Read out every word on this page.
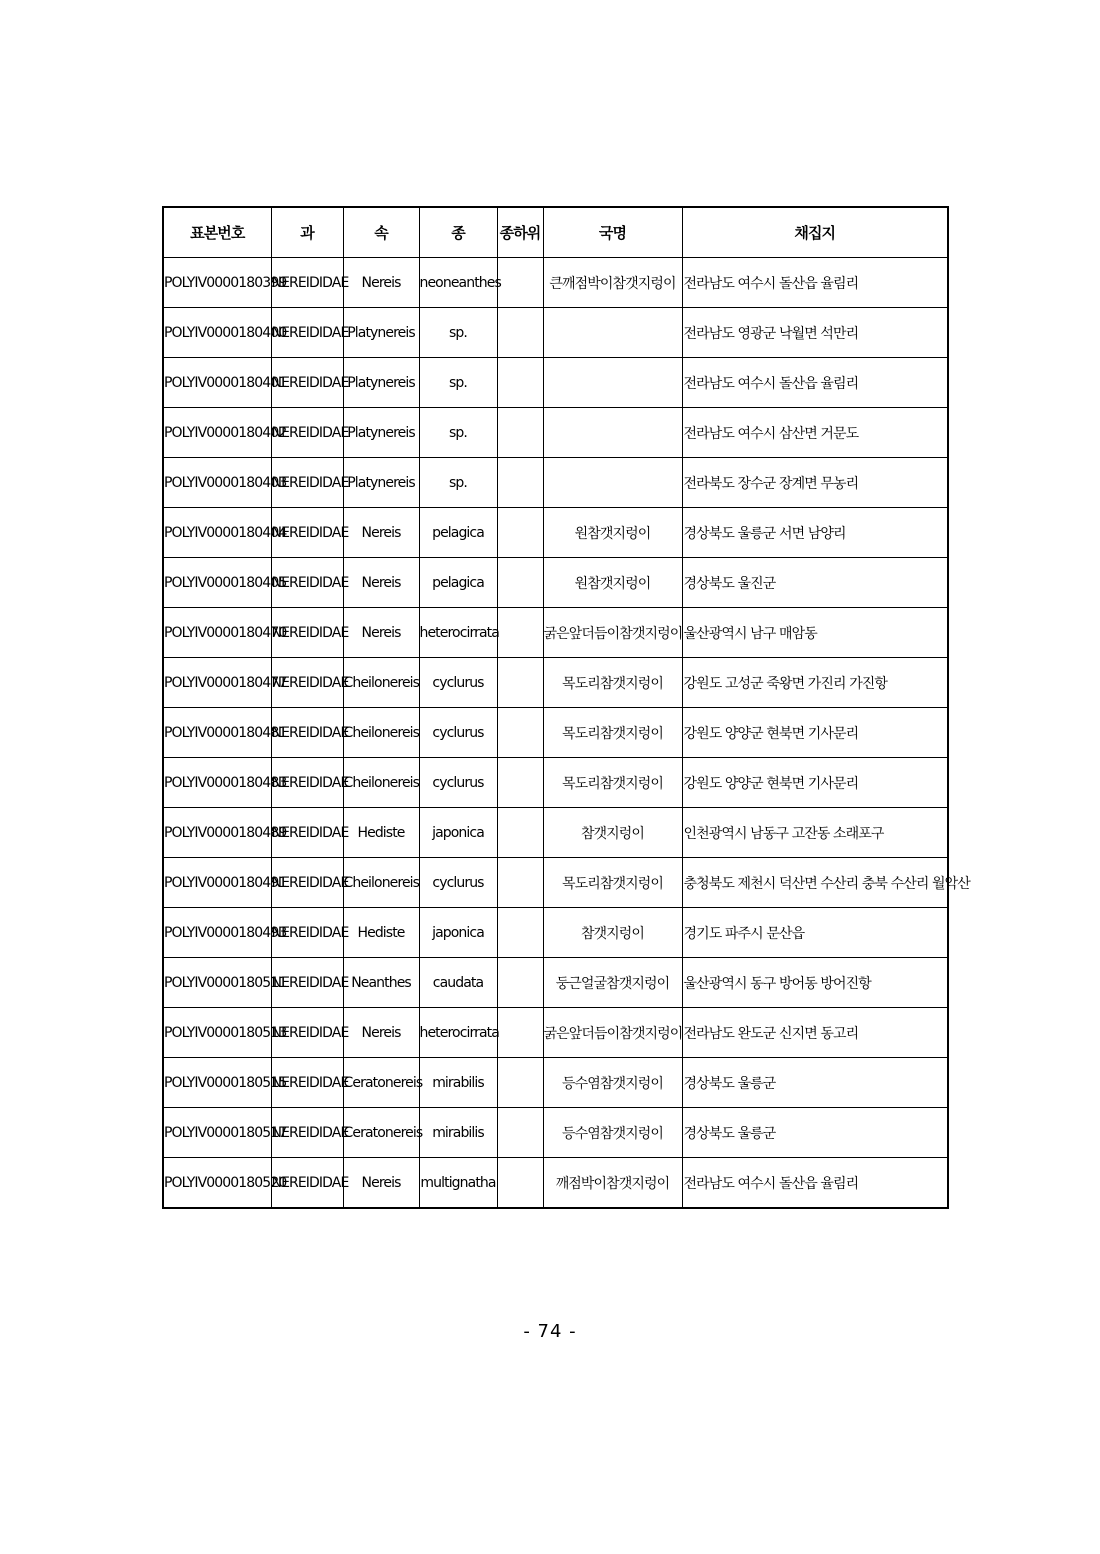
표본번호	과	속	종	종하위	국명	채집지
POLYIV0000180399	NEREIDIDAE	Nereis	neoneanthes		큰깨점박이참갯지렁이	전라남도 여수시 돌산읍 율림리
POLYIV0000180400	NEREIDIDAE	Platynereis	sp.			전라남도 영광군 낙월면 석만리
POLYIV0000180401	NEREIDIDAE	Platynereis	sp.			전라남도 여수시 돌산읍 율림리
POLYIV0000180402	NEREIDIDAE	Platynereis	sp.			전라남도 여수시 삼산면 거문도
POLYIV0000180403	NEREIDIDAE	Platynereis	sp.			전라북도 장수군 장계면 무농리
POLYIV0000180404	NEREIDIDAE	Nereis	pelagica		원참갯지렁이	경상북도 울릉군 서면 남양리
POLYIV0000180405	NEREIDIDAE	Nereis	pelagica		원참갯지렁이	경상북도 울진군
POLYIV0000180470	NEREIDIDAE	Nereis	heterocirrata		굵은앞더듬이참갯지렁이	울산광역시 남구 매암동
POLYIV0000180477	NEREIDIDAE	Cheilonereis	cyclurus		목도리참갯지렁이	강원도 고성군 죽왕면 가진리 가진항
POLYIV0000180481	NEREIDIDAE	Cheilonereis	cyclurus		목도리참갯지렁이	강원도 양양군 현북면 기사문리
POLYIV0000180483	NEREIDIDAE	Cheilonereis	cyclurus		목도리참갯지렁이	강원도 양양군 현북면 기사문리
POLYIV0000180489	NEREIDIDAE	Hediste	japonica		참갯지렁이	인천광역시 남동구 고잔동 소래포구
POLYIV0000180491	NEREIDIDAE	Cheilonereis	cyclurus		목도리참갯지렁이	충청북도 제천시 덕산면 수산리 충북 수산리 월악산
POLYIV0000180493	NEREIDIDAE	Hediste	japonica		참갯지렁이	경기도 파주시 문산읍
POLYIV0000180511	NEREIDIDAE	Neanthes	caudata		둥근얼굴참갯지렁이	울산광역시 동구 방어동 방어진항
POLYIV0000180513	NEREIDIDAE	Nereis	heterocirrata		굵은앞더듬이참갯지렁이	전라남도 완도군 신지면 동고리
POLYIV0000180515	NEREIDIDAE	Ceratonereis	mirabilis		등수염참갯지렁이	경상북도 울릉군
POLYIV0000180517	NEREIDIDAE	Ceratonereis	mirabilis		등수염참갯지렁이	경상북도 울릉군
POLYIV0000180520	NEREIDIDAE	Nereis	multignatha		깨점박이참갯지렁이	전라남도 여수시 돌산읍 율림리
- 74 -
